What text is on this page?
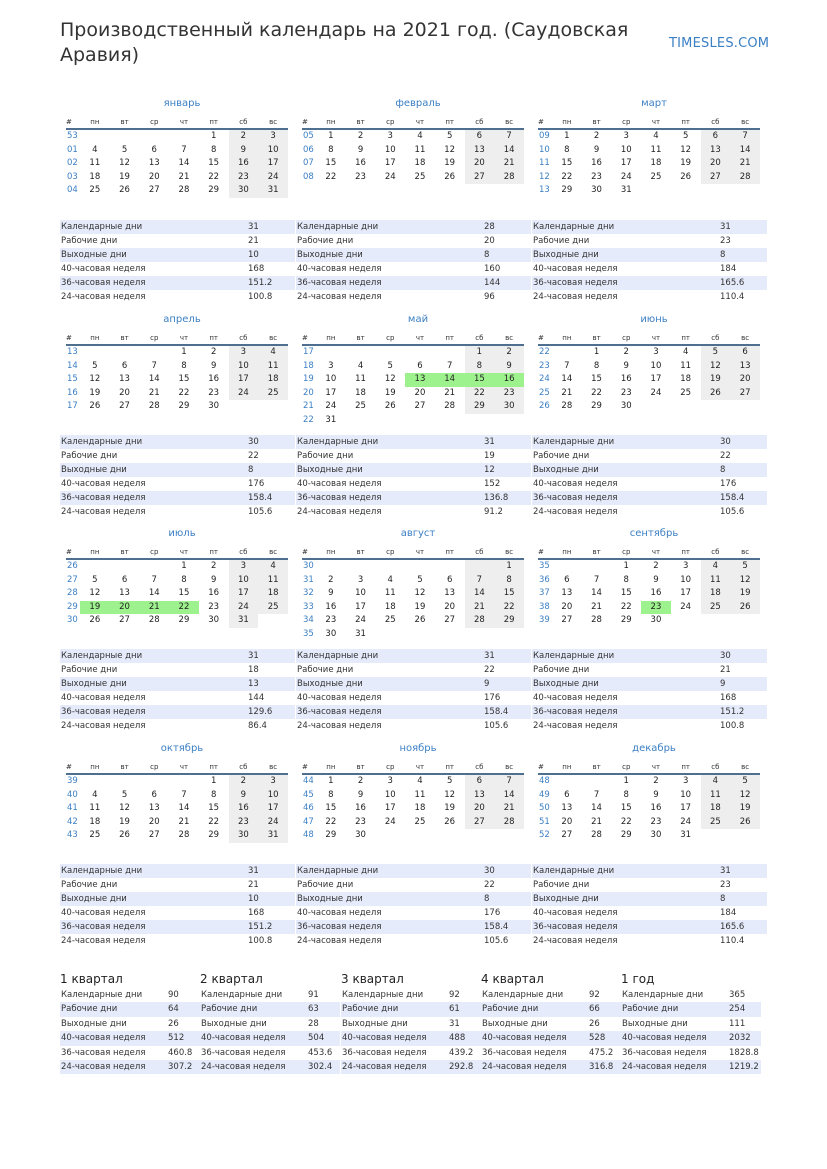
Производственный календарь на 2021 год. (Саудовская Аравия)
TIMESLES.COM
январь
#	пн	вт	ср	чт	пт	сб	вс
53					1	2	3
01	4	5	6	7	8	9	10
02	11	12	13	14	15	16	17
03	18	19	20	21	22	23	24
04	25	26	27	28	29	30	31
Календарные дни	31
Рабочие дни	21
Выходные дни	10
40-часовая неделя	168
36-часовая неделя	151.2
24-часовая неделя	100.8
февраль
#	пн	вт	ср	чт	пт	сб	вс
05	1	2	3	4	5	6	7
06	8	9	10	11	12	13	14
07	15	16	17	18	19	20	21
08	22	23	24	25	26	27	28
Календарные дни	28
Рабочие дни	20
Выходные дни	8
40-часовая неделя	160
36-часовая неделя	144
24-часовая неделя	96
март
#	пн	вт	ср	чт	пт	сб	вс
09	1	2	3	4	5	6	7
10	8	9	10	11	12	13	14
11	15	16	17	18	19	20	21
12	22	23	24	25	26	27	28
13	29	30	31				
Календарные дни	31
Рабочие дни	23
Выходные дни	8
40-часовая неделя	184
36-часовая неделя	165.6
24-часовая неделя	110.4
апрель
#	пн	вт	ср	чт	пт	сб	вс
13				1	2	3	4
14	5	6	7	8	9	10	11
15	12	13	14	15	16	17	18
16	19	20	21	22	23	24	25
17	26	27	28	29	30		
Календарные дни	30
Рабочие дни	22
Выходные дни	8
40-часовая неделя	176
36-часовая неделя	158.4
24-часовая неделя	105.6
май
#	пн	вт	ср	чт	пт	сб	вс
17						1	2
18	3	4	5	6	7	8	9
19	10	11	12	13	14	15	16
20	17	18	19	20	21	22	23
21	24	25	26	27	28	29	30
22	31						
Календарные дни	31
Рабочие дни	19
Выходные дни	12
40-часовая неделя	152
36-часовая неделя	136.8
24-часовая неделя	91.2
июнь
#	пн	вт	ср	чт	пт	сб	вс
22		1	2	3	4	5	6
23	7	8	9	10	11	12	13
24	14	15	16	17	18	19	20
25	21	22	23	24	25	26	27
26	28	29	30				
Календарные дни	30
Рабочие дни	22
Выходные дни	8
40-часовая неделя	176
36-часовая неделя	158.4
24-часовая неделя	105.6
июль
#	пн	вт	ср	чт	пт	сб	вс
26				1	2	3	4
27	5	6	7	8	9	10	11
28	12	13	14	15	16	17	18
29	19	20	21	22	23	24	25
30	26	27	28	29	30	31	
Календарные дни	31
Рабочие дни	18
Выходные дни	13
40-часовая неделя	144
36-часовая неделя	129.6
24-часовая неделя	86.4
август
#	пн	вт	ср	чт	пт	сб	вс
30							1
31	2	3	4	5	6	7	8
32	9	10	11	12	13	14	15
33	16	17	18	19	20	21	22
34	23	24	25	26	27	28	29
35	30	31					
Календарные дни	31
Рабочие дни	22
Выходные дни	9
40-часовая неделя	176
36-часовая неделя	158.4
24-часовая неделя	105.6
сентябрь
#	пн	вт	ср	чт	пт	сб	вс
35			1	2	3	4	5
36	6	7	8	9	10	11	12
37	13	14	15	16	17	18	19
38	20	21	22	23	24	25	26
39	27	28	29	30			
Календарные дни	30
Рабочие дни	21
Выходные дни	9
40-часовая неделя	168
36-часовая неделя	151.2
24-часовая неделя	100.8
октябрь
#	пн	вт	ср	чт	пт	сб	вс
39					1	2	3
40	4	5	6	7	8	9	10
41	11	12	13	14	15	16	17
42	18	19	20	21	22	23	24
43	25	26	27	28	29	30	31
Календарные дни	31
Рабочие дни	21
Выходные дни	10
40-часовая неделя	168
36-часовая неделя	151.2
24-часовая неделя	100.8
ноябрь
#	пн	вт	ср	чт	пт	сб	вс
44	1	2	3	4	5	6	7
45	8	9	10	11	12	13	14
46	15	16	17	18	19	20	21
47	22	23	24	25	26	27	28
48	29	30					
Календарные дни	30
Рабочие дни	22
Выходные дни	8
40-часовая неделя	176
36-часовая неделя	158.4
24-часовая неделя	105.6
декабрь
#	пн	вт	ср	чт	пт	сб	вс
48			1	2	3	4	5
49	6	7	8	9	10	11	12
50	13	14	15	16	17	18	19
51	20	21	22	23	24	25	26
52	27	28	29	30	31		
Календарные дни	31
Рабочие дни	23
Выходные дни	8
40-часовая неделя	184
36-часовая неделя	165.6
24-часовая неделя	110.4
1 квартал
Календарные дни	90
Рабочие дни	64
Выходные дни	26
40-часовая неделя	512
36-часовая неделя	460.8
24-часовая неделя	307.2
2 квартал
Календарные дни	91
Рабочие дни	63
Выходные дни	28
40-часовая неделя	504
36-часовая неделя	453.6
24-часовая неделя	302.4
3 квартал
Календарные дни	92
Рабочие дни	61
Выходные дни	31
40-часовая неделя	488
36-часовая неделя	439.2
24-часовая неделя	292.8
4 квартал
Календарные дни	92
Рабочие дни	66
Выходные дни	26
40-часовая неделя	528
36-часовая неделя	475.2
24-часовая неделя	316.8
1 год
Календарные дни	365
Рабочие дни	254
Выходные дни	111
40-часовая неделя	2032
36-часовая неделя	1828.8
24-часовая неделя	1219.2
